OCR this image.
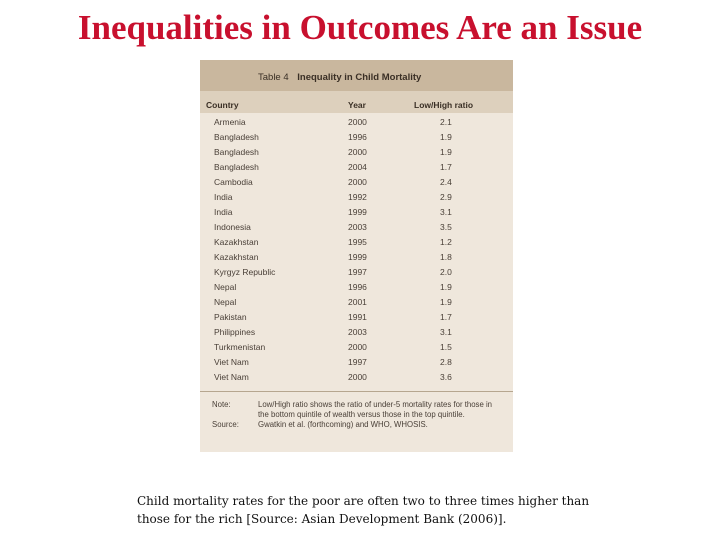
Inequalities in Outcomes Are an Issue
Table 4 Inequality in Child Mortality
Country	Year	Low/High ratio
Armenia	2000	2.1
Bangladesh	1996	1.9
Bangladesh	2000	1.9
Bangladesh	2004	1.7
Cambodia	2000	2.4
India	1992	2.9
India	1999	3.1
Indonesia	2003	3.5
Kazakhstan	1995	1.2
Kazakhstan	1999	1.8
Kyrgyz Republic	1997	2.0
Nepal	1996	1.9
Nepal	2001	1.9
Pakistan	1991	1.7
Philippines	2003	3.1
Turkmenistan	2000	1.5
Viet Nam	1997	2.8
Viet Nam	2000	3.6
Note:	Low/High ratio shows the ratio of under-5 mortality rates for those in the bottom quintile of wealth versus those in the top quintile.
Source: Gwatkin et al. (forthcoming) and WHO, WHOSIS.

Child mortality rates for the poor are often two to three times higher than those for the rich [Source: Asian Development Bank (2006)].
